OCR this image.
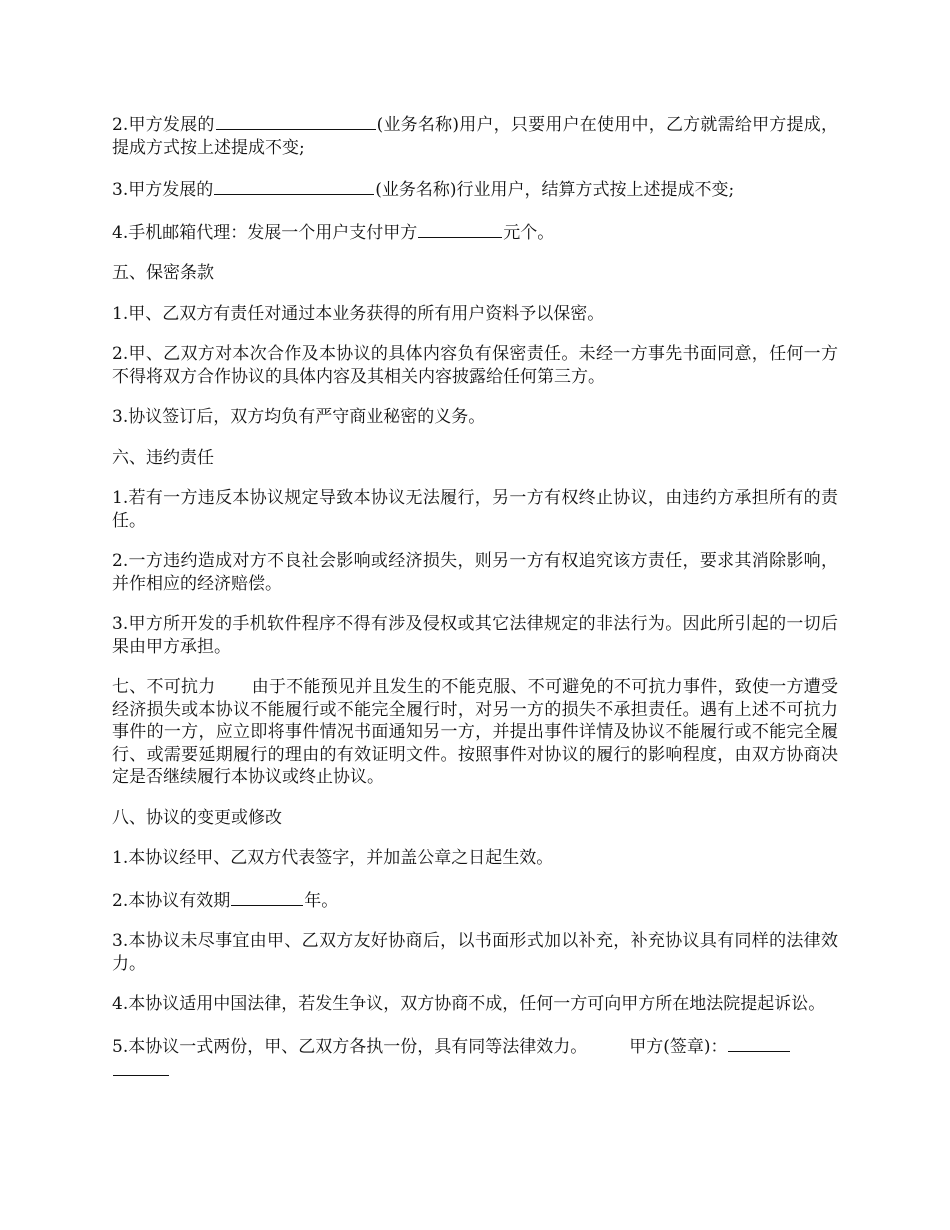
2.甲方发展的	(业务名称)用户，只要用户在使用中，乙方就需给甲方提成，提成方式按上述提成不变;

3.甲方发展的	(业务名称)行业用户，结算方式按上述提成不变;

4.手机邮箱代理：发展一个用户支付甲方	元个。

五、保密条款

1.甲、乙双方有责任对通过本业务获得的所有用户资料予以保密。

2.甲、乙双方对本次合作及本协议的具体内容负有保密责任。未经一方事先书面同意，任何一方不得将双方合作协议的具体内容及其相关内容披露给任何第三方。

3.协议签订后，双方均负有严守商业秘密的义务。

六、违约责任

1.若有一方违反本协议规定导致本协议无法履行，另一方有权终止协议，由违约方承担所有的责任。

2.一方违约造成对方不良社会影响或经济损失，则另一方有权追究该方责任，要求其消除影响，并作相应的经济赔偿。

3.甲方所开发的手机软件程序不得有涉及侵权或其它法律规定的非法行为。因此所引起的一切后果由甲方承担。

七、不可抗力 由于不能预见并且发生的不能克服、不可避免的不可抗力事件，致使一方遭受经济损失或本协议不能履行或不能完全履行时，对另一方的损失不承担责任。遇有上述不可抗力事件的一方，应立即将事件情况书面通知另一方，并提出事件详情及协议不能履行或不能完全履行、或需要延期履行的理由的有效证明文件。按照事件对协议的履行的影响程度，由双方协商决定是否继续履行本协议或终止协议。

八、协议的变更或修改

1.本协议经甲、乙双方代表签字，并加盖公章之日起生效。

2.本协议有效期	年。

3.本协议未尽事宜由甲、乙双方友好协商后，以书面形式加以补充，补充协议具有同样的法律效力。

4.本协议适用中国法律，若发生争议，双方协商不成，任何一方可向甲方所在地法院提起诉讼。

5.本协议一式两份，甲、乙双方各执一份，具有同等法律效力。 甲方(签章)：
